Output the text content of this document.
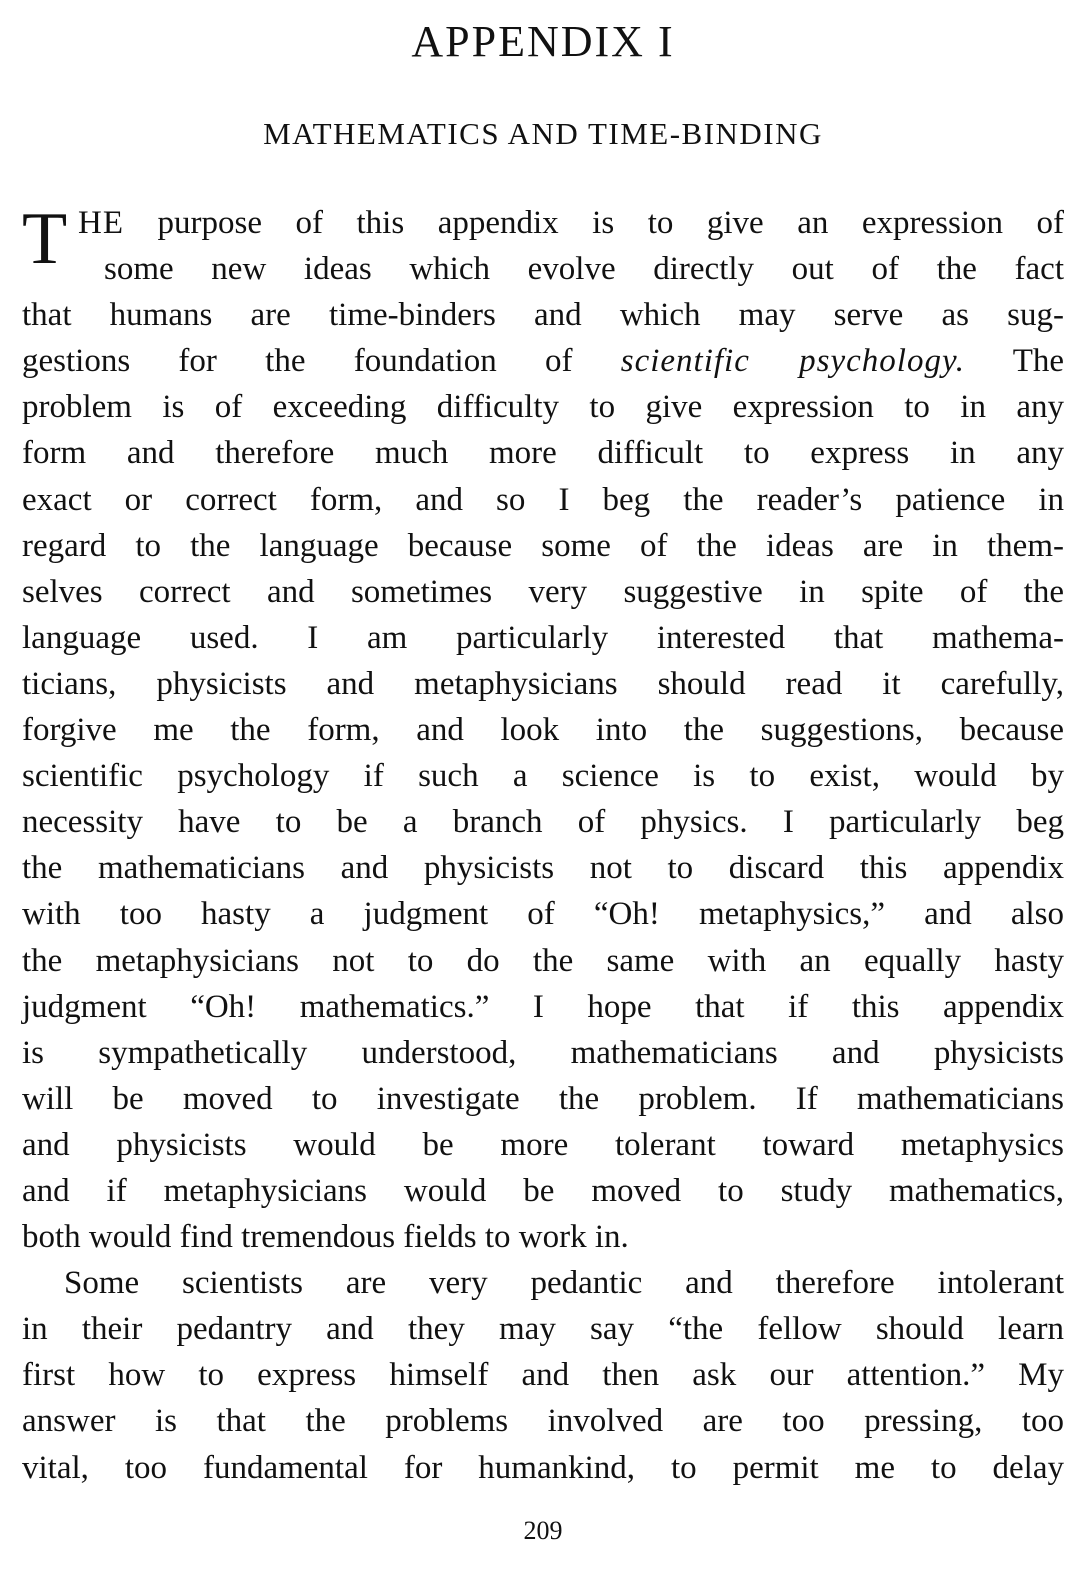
APPENDIX I
MATHEMATICS AND TIME-BINDING
T HE purpose of this appendix is to give an expression of
some new ideas which evolve directly out of the fact
that humans are time-binders and which may serve as sug-
gestions for the foundation of scientific psychology. The
problem is of exceeding difficulty to give expression to in any
form and therefore much more difficult to express in any
exact or correct form, and so I beg the reader’s patience in
regard to the language because some of the ideas are in them-
selves correct and sometimes very suggestive in spite of the
language used. I am particularly interested that mathema-
ticians, physicists and metaphysicians should read it carefully,
forgive me the form, and look into the suggestions, because
scientific psychology if such a science is to exist, would by
necessity have to be a branch of physics. I particularly beg
the mathematicians and physicists not to discard this appendix
with too hasty a judgment of “Oh! metaphysics,” and also
the metaphysicians not to do the same with an equally hasty
judgment “Oh! mathematics.” I hope that if this appendix
is sympathetically understood, mathematicians and physicists
will be moved to investigate the problem. If mathematicians
and physicists would be more tolerant toward metaphysics
and if metaphysicians would be moved to study mathematics,
both would find tremendous fields to work in.
Some scientists are very pedantic and therefore intolerant
in their pedantry and they may say “the fellow should learn
first how to express himself and then ask our attention.” My
answer is that the problems involved are too pressing, too
vital, too fundamental for humankind, to permit me to delay
209
